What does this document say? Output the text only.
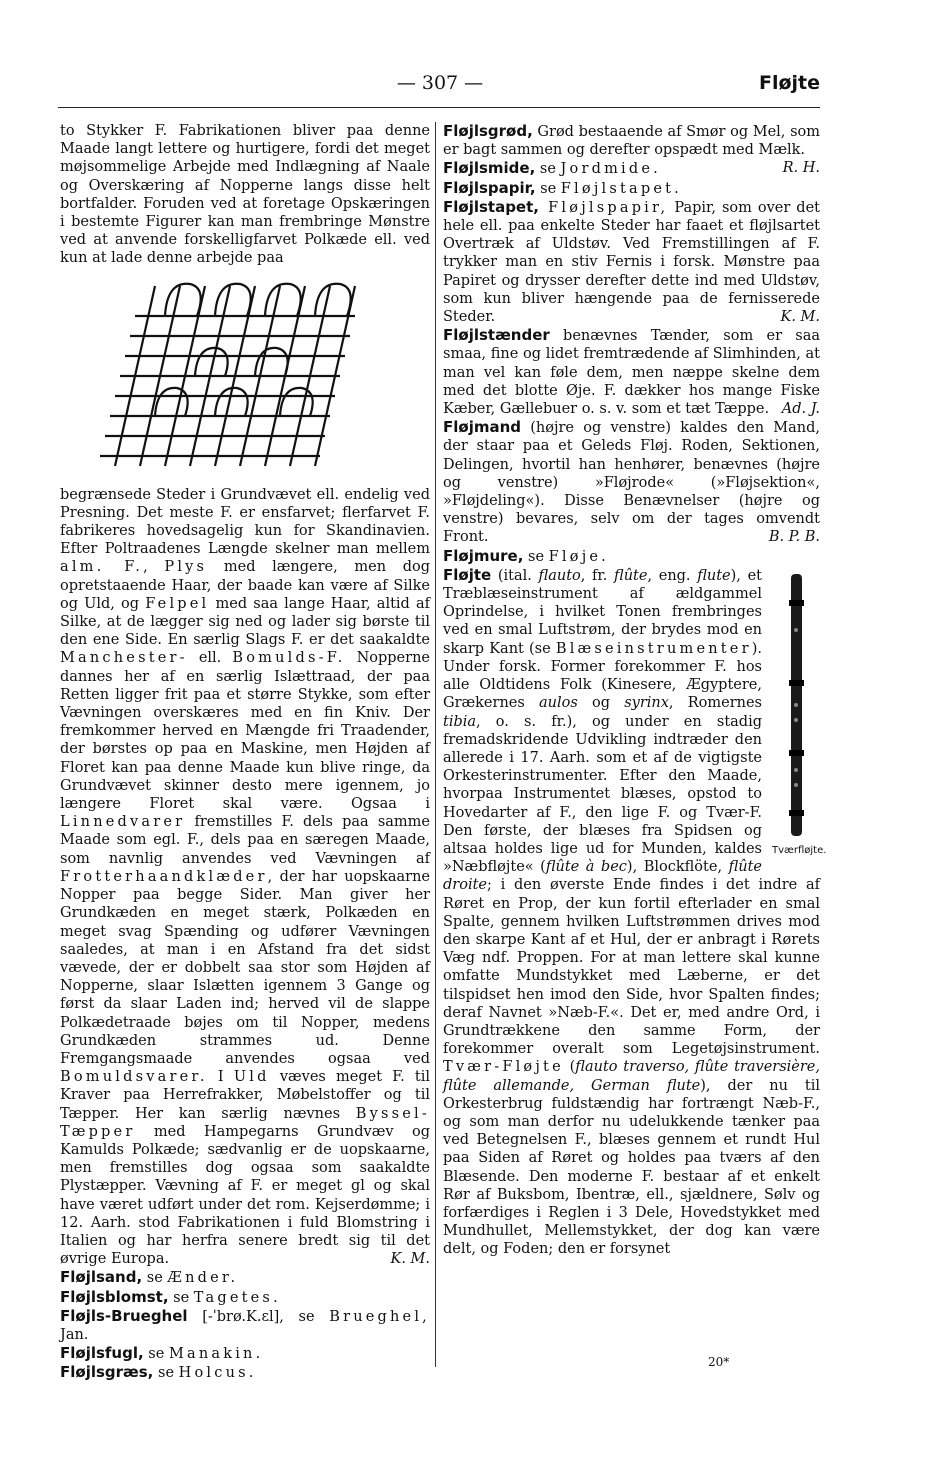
— 307 —	Fløjte

to Stykker F. Fabrikationen bliver paa denne Maade langt lettere og hurtigere, fordi det meget møjsommelige Arbejde med Indlægning af Naale og Overskæring af Nopperne langs disse helt bortfalder. Foruden ved at foretage Opskæringen i bestemte Figurer kan man frembringe Mønstre ved at anvende forskelligfarvet Polkæde ell. ved kun at lade denne arbejde paa

begrænsede Steder i Grundvævet ell. endelig ved Presning. Det meste F. er ensfarvet; flerfarvet F. fabrikeres hovedsagelig kun for Skandinavien. Efter Poltraadenes Længde skelner man mellem alm. F., Plys med længere, men dog opretstaaende Haar, der baade kan være af Silke og Uld, og Felpel med saa lange Haar, altid af Silke, at de lægger sig ned og lader sig børste til den ene Side. En særlig Slags F. er det saakaldte Manchester- ell. Bomulds-F. Nopperne dannes her af en særlig Islættraad, der paa Retten ligger frit paa et større Stykke, som efter Vævningen overskæres med en fin Kniv. Der fremkommer herved en Mængde fri Traadender, der børstes op paa en Maskine, men Højden af Floret kan paa denne Maade kun blive ringe, da Grundvævet skinner desto mere igennem, jo længere Floret skal være. Ogsaa i Linnedvarer fremstilles F. dels paa samme Maade som egl. F., dels paa en særegen Maade, som navnlig anvendes ved Vævningen af Frotterhaandklæder, der har uopskaarne Nopper paa begge Sider. Man giver her Grundkæden en meget stærk, Polkæden en meget svag Spænding og udfører Vævningen saaledes, at man i en Afstand fra det sidst vævede, der er dobbelt saa stor som Højden af Nopperne, slaar Islætten igennem 3 Gange og først da slaar Laden ind; herved vil de slappe Polkædetraade bøjes om til Nopper, medens Grundkæden strammes ud. Denne Fremgangsmaade anvendes ogsaa ved Bomuldsvarer. I Uld væves meget F. til Kraver paa Herrefrakker, Møbelstoffer og til Tæpper. Her kan særlig nævnes Byssel-Tæpper med Hampegarns Grundvæv og Kamulds Polkæde; sædvanlig er de uopskaarne, men fremstilles dog ogsaa som saakaldte Plystæpper. Vævning af F. er meget gl og skal have været udført under det rom. Kejserdømme; i 12. Aarh. stod Fabrikationen i fuld Blomstring i Italien og har herfra senere bredt sig til det øvrige Europa.	K. M.

Fløjlsand, se Ænder.

Fløjlsblomst, se Tagetes.

Fløjls-Brueghel [-ˈbrø.K.ɛl], se Brueghel, Jan.

Fløjlsfugl, se Manakin.

Fløjlsgræs, se Holcus.

Fløjlsgrød, Grød bestaaende af Smør og Mel, som er bagt sammen og derefter opspædt med Mælk.
R. H.

Fløjlsmide, se Jordmide.

Fløjlspapir, se Fløjlstapet.

Fløjlstapet, Fløjlspapir, Papir, som over det hele ell. paa enkelte Steder har faaet et fløjlsartet Overtræk af Uldstøv. Ved Fremstillingen af F. trykker man en stiv Fernis i forsk. Mønstre paa Papiret og drysser derefter dette ind med Uldstøv, som kun bliver hængende paa de fernisserede Steder.	K. M.

Fløjlstænder benævnes Tænder, som er saa smaa, fine og lidet fremtrædende af Slimhinden, at man vel kan føle dem, men næppe skelne dem med det blotte Øje. F. dækker hos mange Fiske Kæber, Gællebuer o. s. v. som et tæt Tæppe. Ad. J.

Fløjmand (højre og venstre) kaldes den Mand, der staar paa et Geleds Fløj. Roden, Sektionen, Delingen, hvortil han henhører, benævnes (højre og venstre) »Fløjrode« (»Fløjsektion«, »Fløjdeling«). Disse Benævnelser (højre og venstre) bevares, selv om der tages omvendt Front.	B. P. B.

Fløjmure, se Fløje.

Tværfløjte.

Fløjte (ital. flauto, fr. flûte, eng. flute), et Træblæseinstrument af ældgammel Oprindelse, i hvilket Tonen frembringes ved en smal Luftstrøm, der brydes mod en skarp Kant (se Blæseinstrumenter). Under forsk. Former forekommer F. hos alle Oldtidens Folk (Kinesere, Ægyptere, Grækernes aulos og syrinx, Romernes tibia, o. s. fr.), og under en stadig fremadskridende Udvikling indtræder den allerede i 17. Aarh. som et af de vigtigste Orkesterinstrumenter. Efter den Maade, hvorpaa Instrumentet blæses, opstod to Hovedarter af F., den lige F. og Tvær-F. Den første, der blæses fra Spidsen og altsaa holdes lige ud for Munden, kaldes »Næbfløjte« (flûte à bec), Blockflöte, flûte droite; i den øverste Ende findes i det indre af Røret en Prop, der kun fortil efterlader en smal Spalte, gennem hvilken Luftstrømmen drives mod den skarpe Kant af et Hul, der er anbragt i Rørets Væg ndf. Proppen. For at man lettere skal kunne omfatte Mundstykket med Læberne, er det tilspidset hen imod den Side, hvor Spalten findes; deraf Navnet »Næb-F.«. Det er, med andre Ord, i Grundtrækkene den samme Form, der forekommer overalt som Legetøjsinstrument. Tvær-Fløjte (flauto traverso, flûte traversière, flûte allemande, German flute), der nu til Orkesterbrug fuldstændig har fortrængt Næb-F., og som man derfor nu udelukkende tænker paa ved Betegnelsen F., blæses gennem et rundt Hul paa Siden af Røret og holdes paa tværs af den Blæsende. Den moderne F. bestaar af et enkelt Rør af Buksbom, Ibentræ, ell., sjældnere, Sølv og forfærdiges i Reglen i 3 Dele, Hovedstykket med Mundhullet, Mellemstykket, der dog kan være delt, og Foden; den er forsynet

20*
